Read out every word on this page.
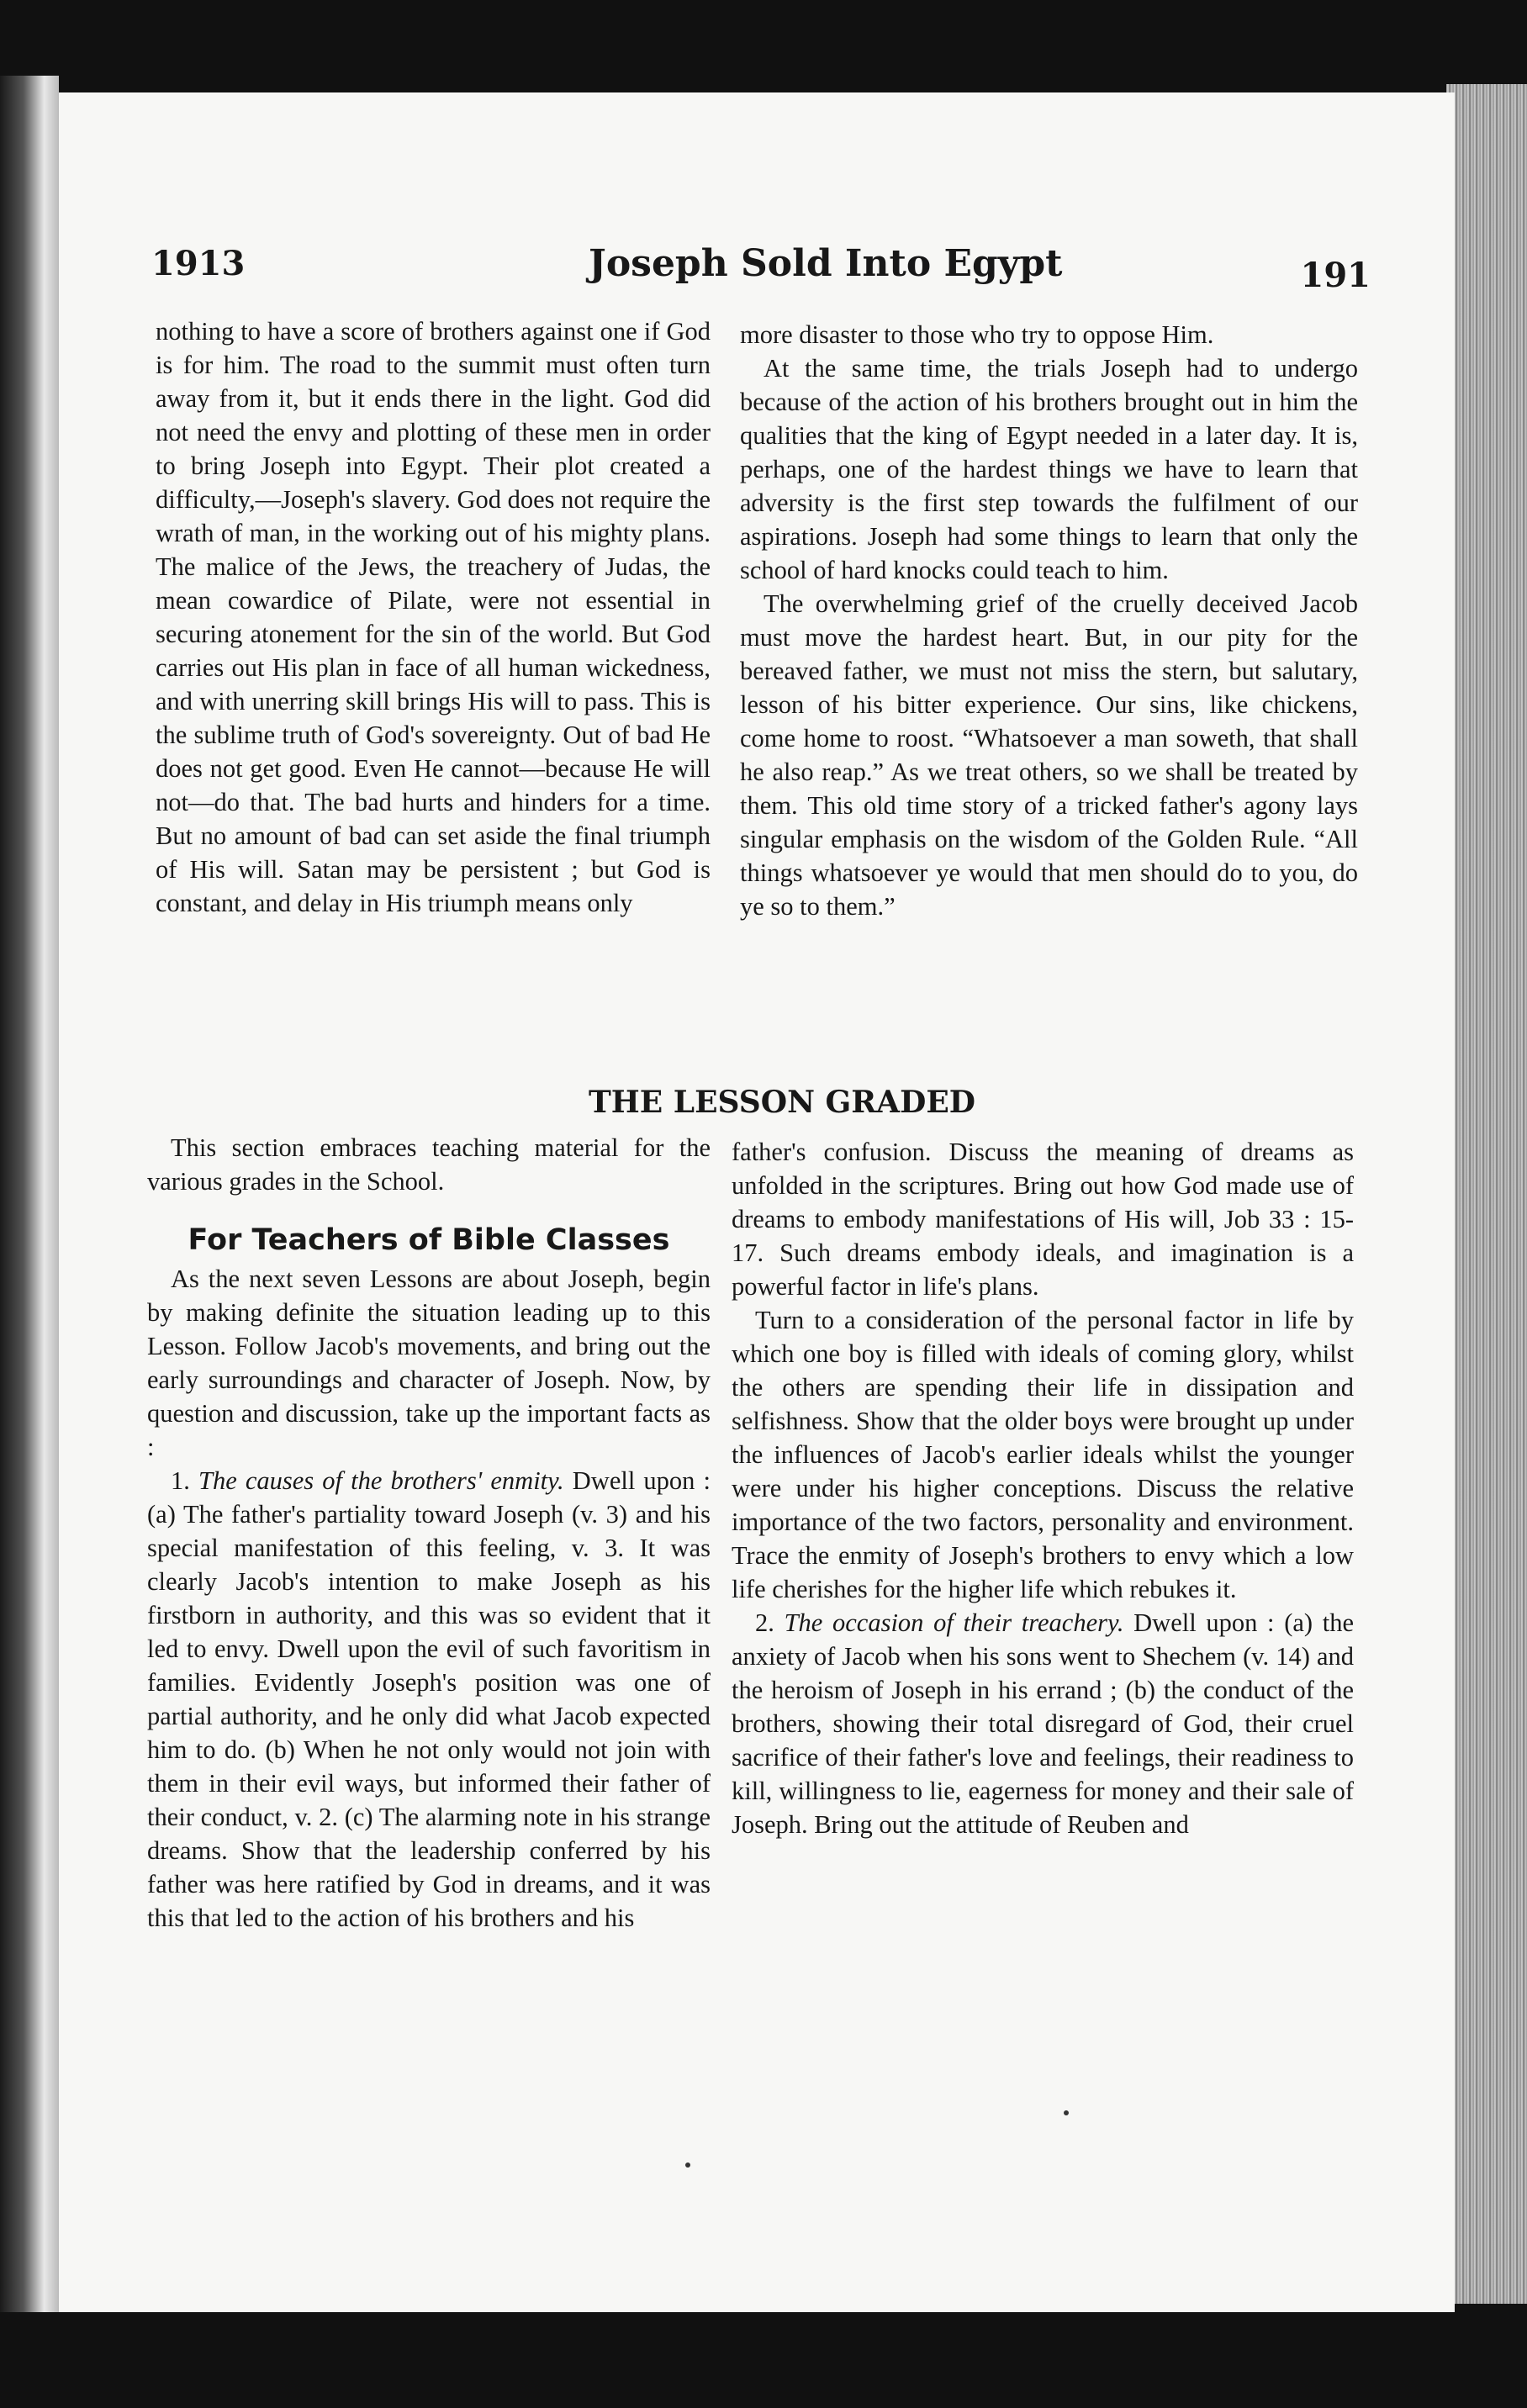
1913	Joseph Sold Into Egypt	191

nothing to have a score of brothers against one if God is for him. The road to the summit must often turn away from it, but it ends there in the light. God did not need the envy and plotting of these men in order to bring Joseph into Egypt. Their plot created a difficulty,—Joseph's slavery. God does not require the wrath of man, in the working out of his mighty plans. The malice of the Jews, the treachery of Judas, the mean cowardice of Pilate, were not essential in securing atonement for the sin of the world. But God carries out His plan in face of all human wickedness, and with unerring skill brings His will to pass. This is the sublime truth of God's sovereignty. Out of bad He does not get good. Even He cannot—because He will not—do that. The bad hurts and hinders for a time. But no amount of bad can set aside the final triumph of His will. Satan may be persistent ; but God is constant, and delay in His triumph means only

more disaster to those who try to oppose Him.

At the same time, the trials Joseph had to undergo because of the action of his brothers brought out in him the qualities that the king of Egypt needed in a later day. It is, perhaps, one of the hardest things we have to learn that adversity is the first step towards the fulfilment of our aspirations. Joseph had some things to learn that only the school of hard knocks could teach to him.

The overwhelming grief of the cruelly deceived Jacob must move the hardest heart. But, in our pity for the bereaved father, we must not miss the stern, but salutary, lesson of his bitter experience. Our sins, like chickens, come home to roost. “Whatsoever a man soweth, that shall he also reap.” As we treat others, so we shall be treated by them. This old time story of a tricked father's agony lays singular emphasis on the wisdom of the Golden Rule. “All things whatsoever ye would that men should do to you, do ye so to them.”

THE LESSON GRADED

This section embraces teaching material for the various grades in the School.

For Teachers of Bible Classes

As the next seven Lessons are about Joseph, begin by making definite the situation leading up to this Lesson. Follow Jacob's movements, and bring out the early surroundings and character of Joseph. Now, by question and discussion, take up the important facts as :

1. The causes of the brothers' enmity. Dwell upon : (a) The father's partiality toward Joseph (v. 3) and his special manifestation of this feeling, v. 3. It was clearly Jacob's intention to make Joseph as his firstborn in authority, and this was so evident that it led to envy. Dwell upon the evil of such favoritism in families. Evidently Joseph's position was one of partial authority, and he only did what Jacob expected him to do. (b) When he not only would not join with them in their evil ways, but informed their father of their conduct, v. 2. (c) The alarming note in his strange dreams. Show that the leadership conferred by his father was here ratified by God in dreams, and it was this that led to the action of his brothers and his

father's confusion. Discuss the meaning of dreams as unfolded in the scriptures. Bring out how God made use of dreams to embody manifestations of His will, Job 33 : 15-17. Such dreams embody ideals, and imagination is a powerful factor in life's plans.

Turn to a consideration of the personal factor in life by which one boy is filled with ideals of coming glory, whilst the others are spending their life in dissipation and selfishness. Show that the older boys were brought up under the influences of Jacob's earlier ideals whilst the younger were under his higher conceptions. Discuss the relative importance of the two factors, personality and environment. Trace the enmity of Joseph's brothers to envy which a low life cherishes for the higher life which rebukes it.

2. The occasion of their treachery. Dwell upon : (a) the anxiety of Jacob when his sons went to Shechem (v. 14) and the heroism of Joseph in his errand ; (b) the conduct of the brothers, showing their total disregard of God, their cruel sacrifice of their father's love and feelings, their readiness to kill, willingness to lie, eagerness for money and their sale of Joseph. Bring out the attitude of Reuben and
